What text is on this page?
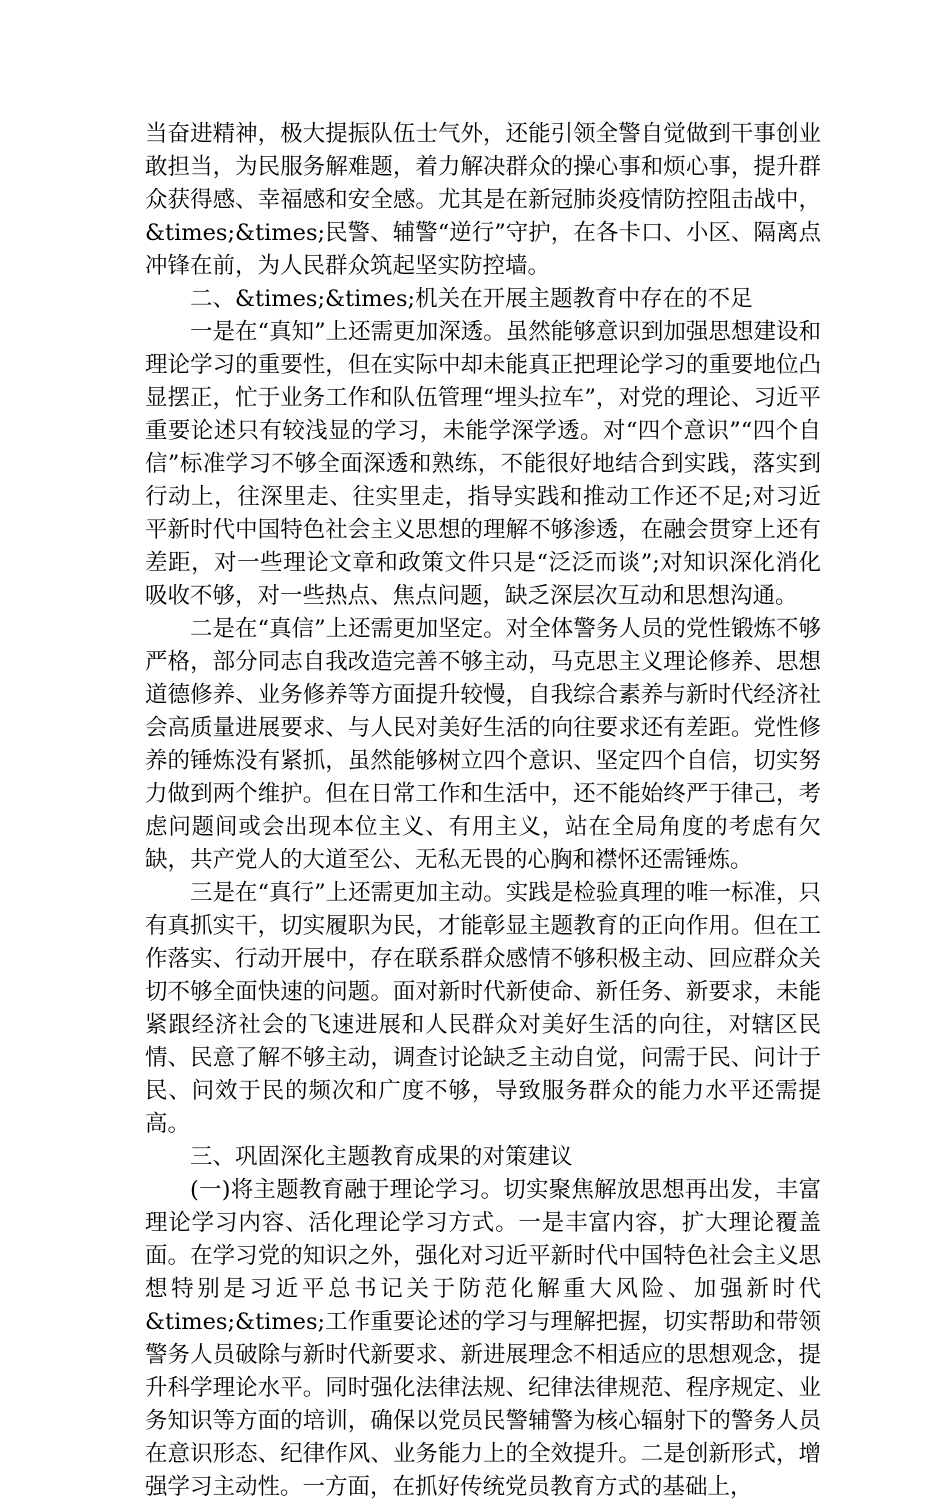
当奋进精神，极大提振队伍士气外，还能引领全警自觉做到干事创业敢担当，为民服务解难题，着力解决群众的操心事和烦心事，提升群众获得感、幸福感和安全感。尤其是在新冠肺炎疫情防控阻击战中，&times;&times;民警、辅警“逆行”守护，在各卡口、小区、隔离点冲锋在前，为人民群众筑起坚实防控墙。

二、&times;&times;机关在开展主题教育中存在的不足

一是在“真知”上还需更加深透。虽然能够意识到加强思想建设和理论学习的重要性，但在实际中却未能真正把理论学习的重要地位凸显摆正，忙于业务工作和队伍管理“埋头拉车”，对党的理论、习近平重要论述只有较浅显的学习，未能学深学透。对“四个意识”“四个自信”标准学习不够全面深透和熟练，不能很好地结合到实践，落实到行动上，往深里走、往实里走，指导实践和推动工作还不足;对习近平新时代中国特色社会主义思想的理解不够渗透，在融会贯穿上还有差距，对一些理论文章和政策文件只是“泛泛而谈”;对知识深化消化吸收不够，对一些热点、焦点问题，缺乏深层次互动和思想沟通。

二是在“真信”上还需更加坚定。对全体警务人员的党性锻炼不够严格，部分同志自我改造完善不够主动，马克思主义理论修养、思想道德修养、业务修养等方面提升较慢，自我综合素养与新时代经济社会高质量进展要求、与人民对美好生活的向往要求还有差距。党性修养的锤炼没有紧抓，虽然能够树立四个意识、坚定四个自信，切实努力做到两个维护。但在日常工作和生活中，还不能始终严于律己，考虑问题间或会出现本位主义、有用主义，站在全局角度的考虑有欠缺，共产党人的大道至公、无私无畏的心胸和襟怀还需锤炼。

三是在“真行”上还需更加主动。实践是检验真理的唯一标准，只有真抓实干，切实履职为民，才能彰显主题教育的正向作用。但在工作落实、行动开展中，存在联系群众感情不够积极主动、回应群众关切不够全面快速的问题。面对新时代新使命、新任务、新要求，未能紧跟经济社会的飞速进展和人民群众对美好生活的向往，对辖区民情、民意了解不够主动，调查讨论缺乏主动自觉，问需于民、问计于民、问效于民的频次和广度不够，导致服务群众的能力水平还需提高。

三、巩固深化主题教育成果的对策建议

(一)将主题教育融于理论学习。切实聚焦解放思想再出发，丰富理论学习内容、活化理论学习方式。一是丰富内容，扩大理论覆盖面。在学习党的知识之外，强化对习近平新时代中国特色社会主义思想特别是习近平总书记关于防范化解重大风险、加强新时代&times;&times;工作重要论述的学习与理解把握，切实帮助和带领警务人员破除与新时代新要求、新进展理念不相适应的思想观念，提升科学理论水平。同时强化法律法规、纪律法律规范、程序规定、业务知识等方面的培训，确保以党员民警辅警为核心辐射下的警务人员在意识形态、纪律作风、业务能力上的全效提升。二是创新形式，增强学习主动性。一方面，在抓好传统党员教育方式的基础上，
